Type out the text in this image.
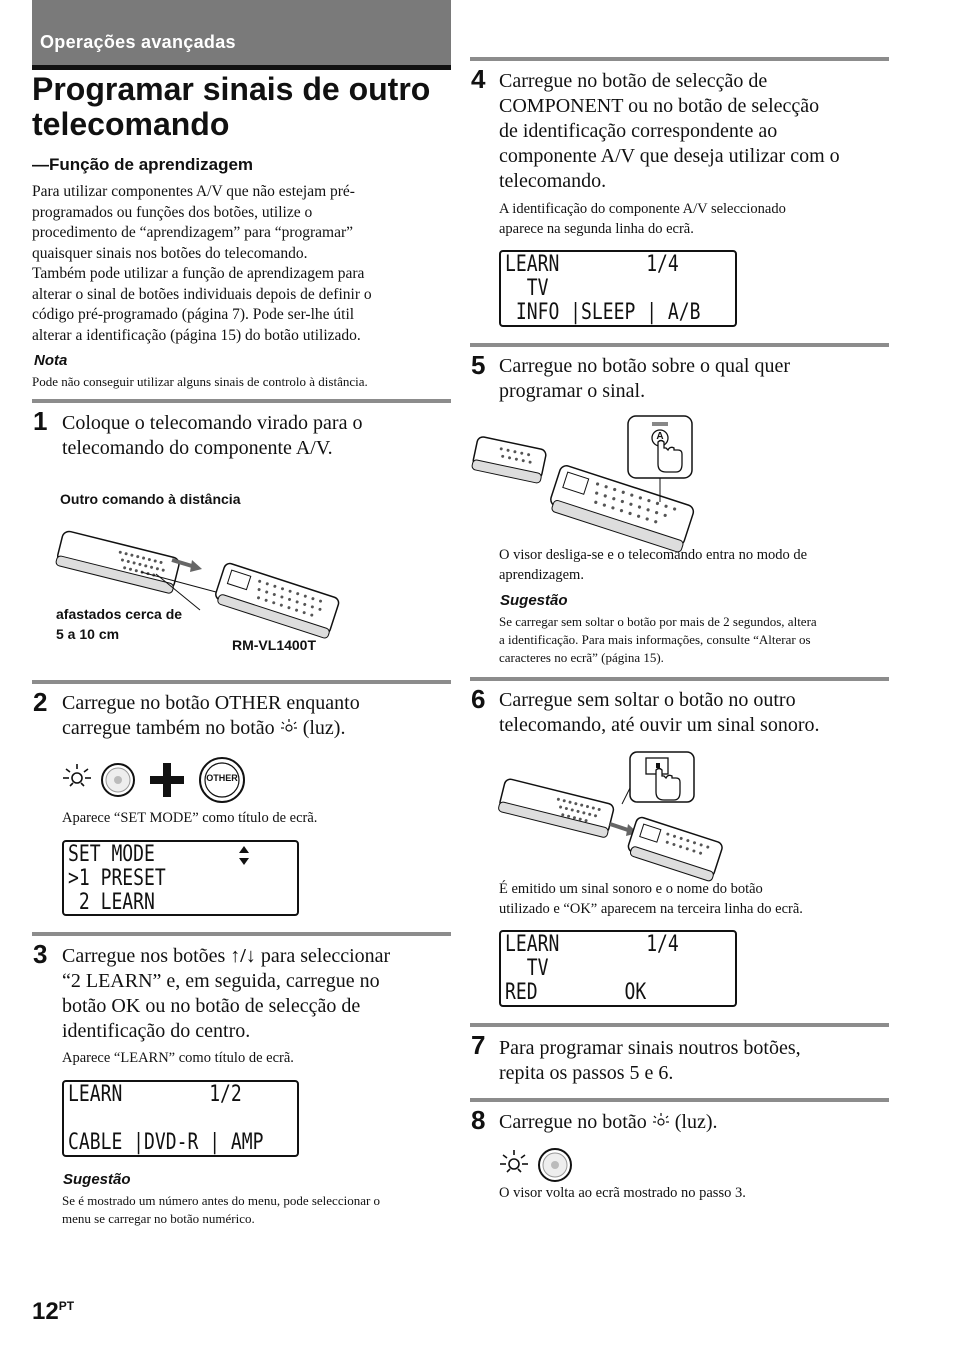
Operações avançadas
Programar sinais de outro
telecomando
—Função de aprendizagem
Para utilizar componentes A/V que não estejam pré-
programados ou funções dos botões, utilize o
procedimento de “aprendizagem” para “programar”
quaisquer sinais nos botões do telecomando.
Também pode utilizar a função de aprendizagem para
alterar o sinal de botões individuais depois de definir o
código pré-programado (página 7). Pode ser-lhe útil
alterar a identificação (página 15) do botão utilizado.
Nota
Pode não conseguir utilizar alguns sinais de controlo à distância.
1 Coloque o telecomando virado para o
telecomando do componente A/V.
Outro comando à distância
afastados cerca de
5 a 10 cm
RM-VL1400T
2 Carregue no botão OTHER enquanto
carregue também no botão (luz).
OTHER
Aparece “SET MODE” como título de ecrã.
SET MODE
>1 PRESET
2 LEARN
3 Carregue nos botões ↑/↓ para seleccionar
“2 LEARN” e, em seguida, carregue no
botão OK ou no botão de selecção de
identificação do centro.
Aparece “LEARN” como título de ecrã.
LEARN        1/2
CABLE |DVD-R | AMP
Sugestão
Se é mostrado um número antes do menu, pode seleccionar o
menu se carregar no botão numérico.
$12^{PT}$
4 Carregue no botão de selecção de
COMPONENT ou no botão de selecção
de identificação correspondente ao
componente A/V que deseja utilizar com o
telecomando.
A identificação do componente A/V seleccionado
aparece na segunda linha do ecrã.
LEARN        1/4
TV
INFO |SLEEP | A/B
5 Carregue no botão sobre o qual quer
programar o sinal.
A
O visor desliga-se e o telecomando entra no modo de
aprendizagem.
Sugestão
Se carregar sem soltar o botão por mais de 2 segundos, altera
a identificação. Para mais informações, consulte “Alterar os
caracteres no ecrã” (página 15).
6 Carregue sem soltar o botão no outro
telecomando, até ouvir um sinal sonoro.
É emitido um sinal sonoro e o nome do botão
utilizado e “OK” aparecem na terceira linha do ecrã.
LEARN        1/4
TV
RED        OK
7 Para programar sinais noutros botões,
repita os passos 5 e 6.
8 Carregue no botão (luz).
O visor volta ao ecrã mostrado no passo 3.
